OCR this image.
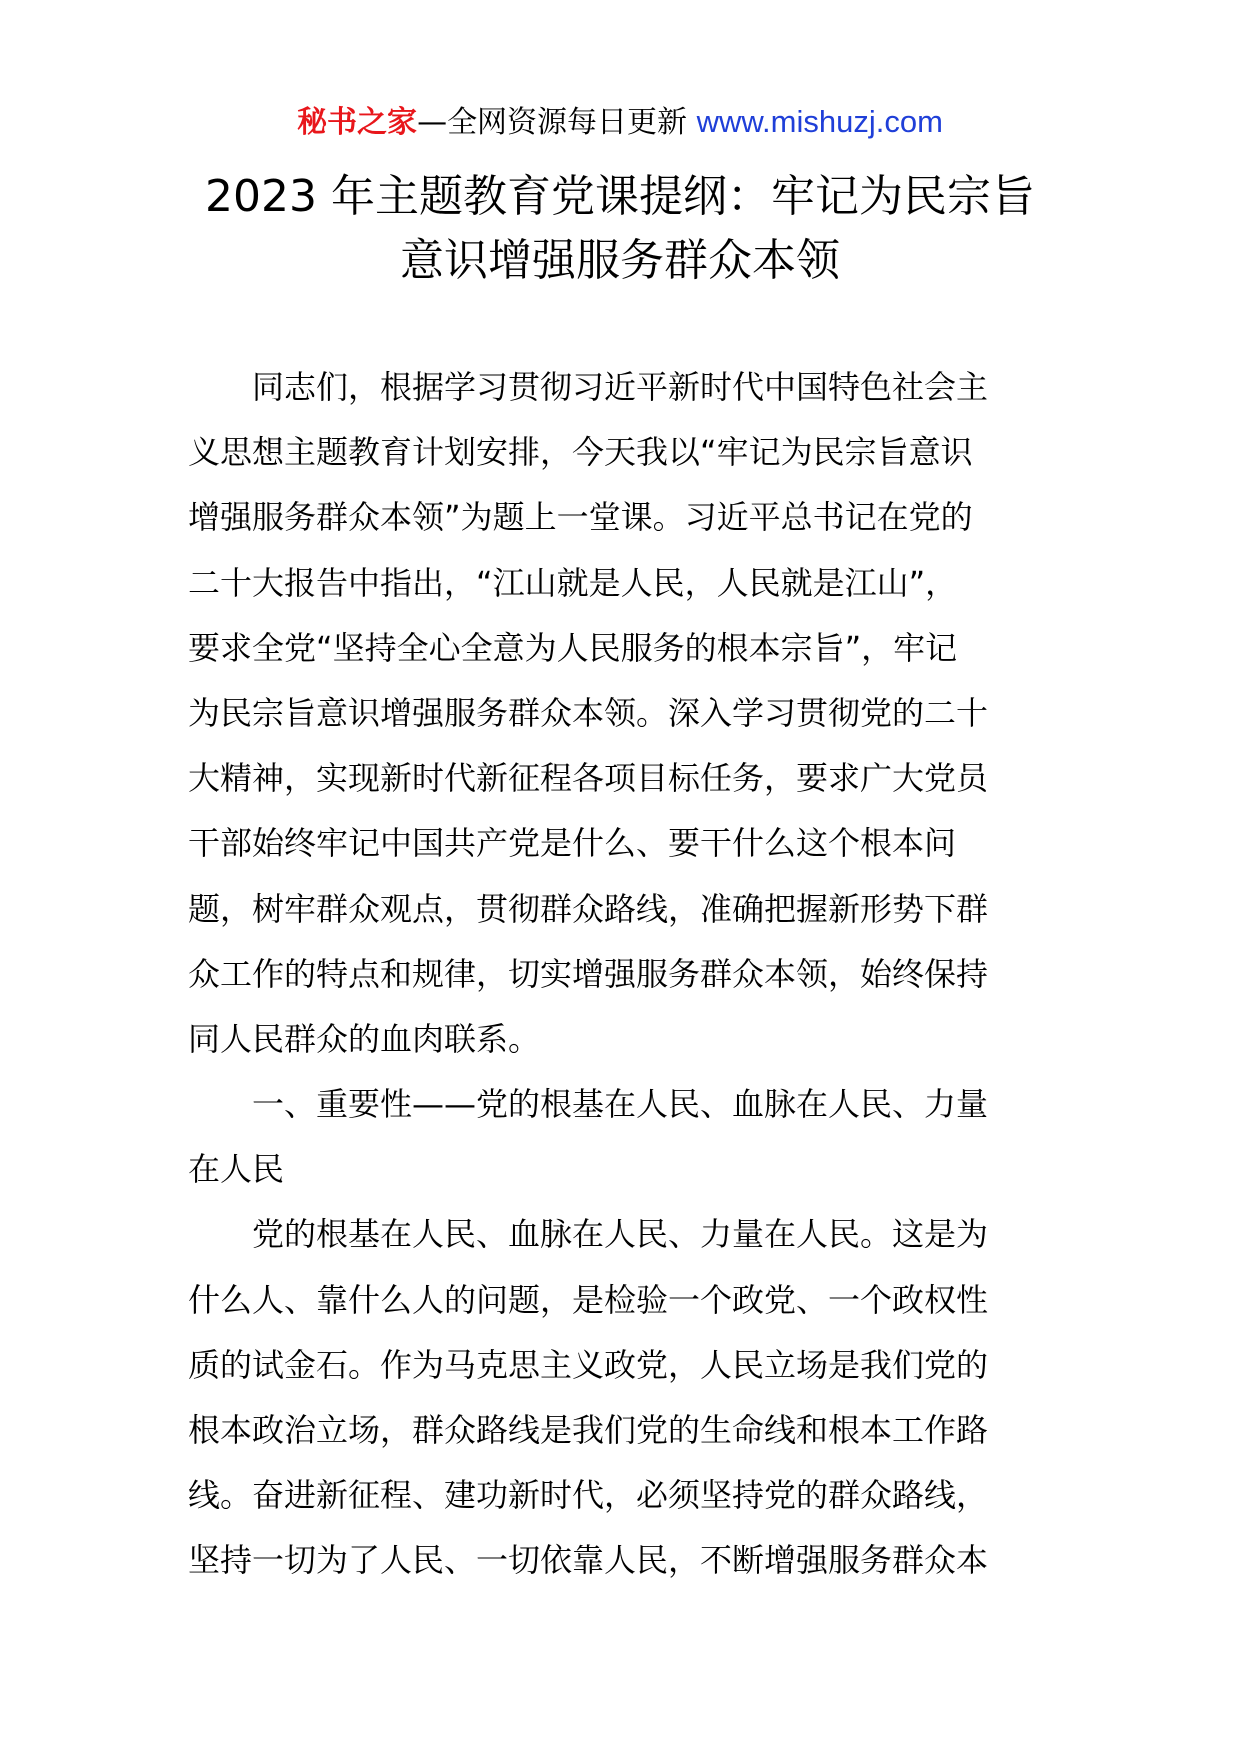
秘书之家—全网资源每日更新 www.mishuzj.com
2023 年主题教育党课提纲：牢记为民宗旨
意识增强服务群众本领

　　同志们，根据学习贯彻习近平新时代中国特色社会主
义思想主题教育计划安排，今天我以“牢记为民宗旨意识
增强服务群众本领”为题上一堂课。习近平总书记在党的
二十大报告中指出，“江山就是人民，人民就是江山”，
要求全党“坚持全心全意为人民服务的根本宗旨”，牢记
为民宗旨意识增强服务群众本领。深入学习贯彻党的二十
大精神，实现新时代新征程各项目标任务，要求广大党员
干部始终牢记中国共产党是什么、要干什么这个根本问
题，树牢群众观点，贯彻群众路线，准确把握新形势下群
众工作的特点和规律，切实增强服务群众本领，始终保持
同人民群众的血肉联系。

　　一、重要性——党的根基在人民、血脉在人民、力量
在人民

　　党的根基在人民、血脉在人民、力量在人民。这是为
什么人、靠什么人的问题，是检验一个政党、一个政权性
质的试金石。作为马克思主义政党，人民立场是我们党的
根本政治立场，群众路线是我们党的生命线和根本工作路
线。奋进新征程、建功新时代，必须坚持党的群众路线，
坚持一切为了人民、一切依靠人民，不断增强服务群众本
